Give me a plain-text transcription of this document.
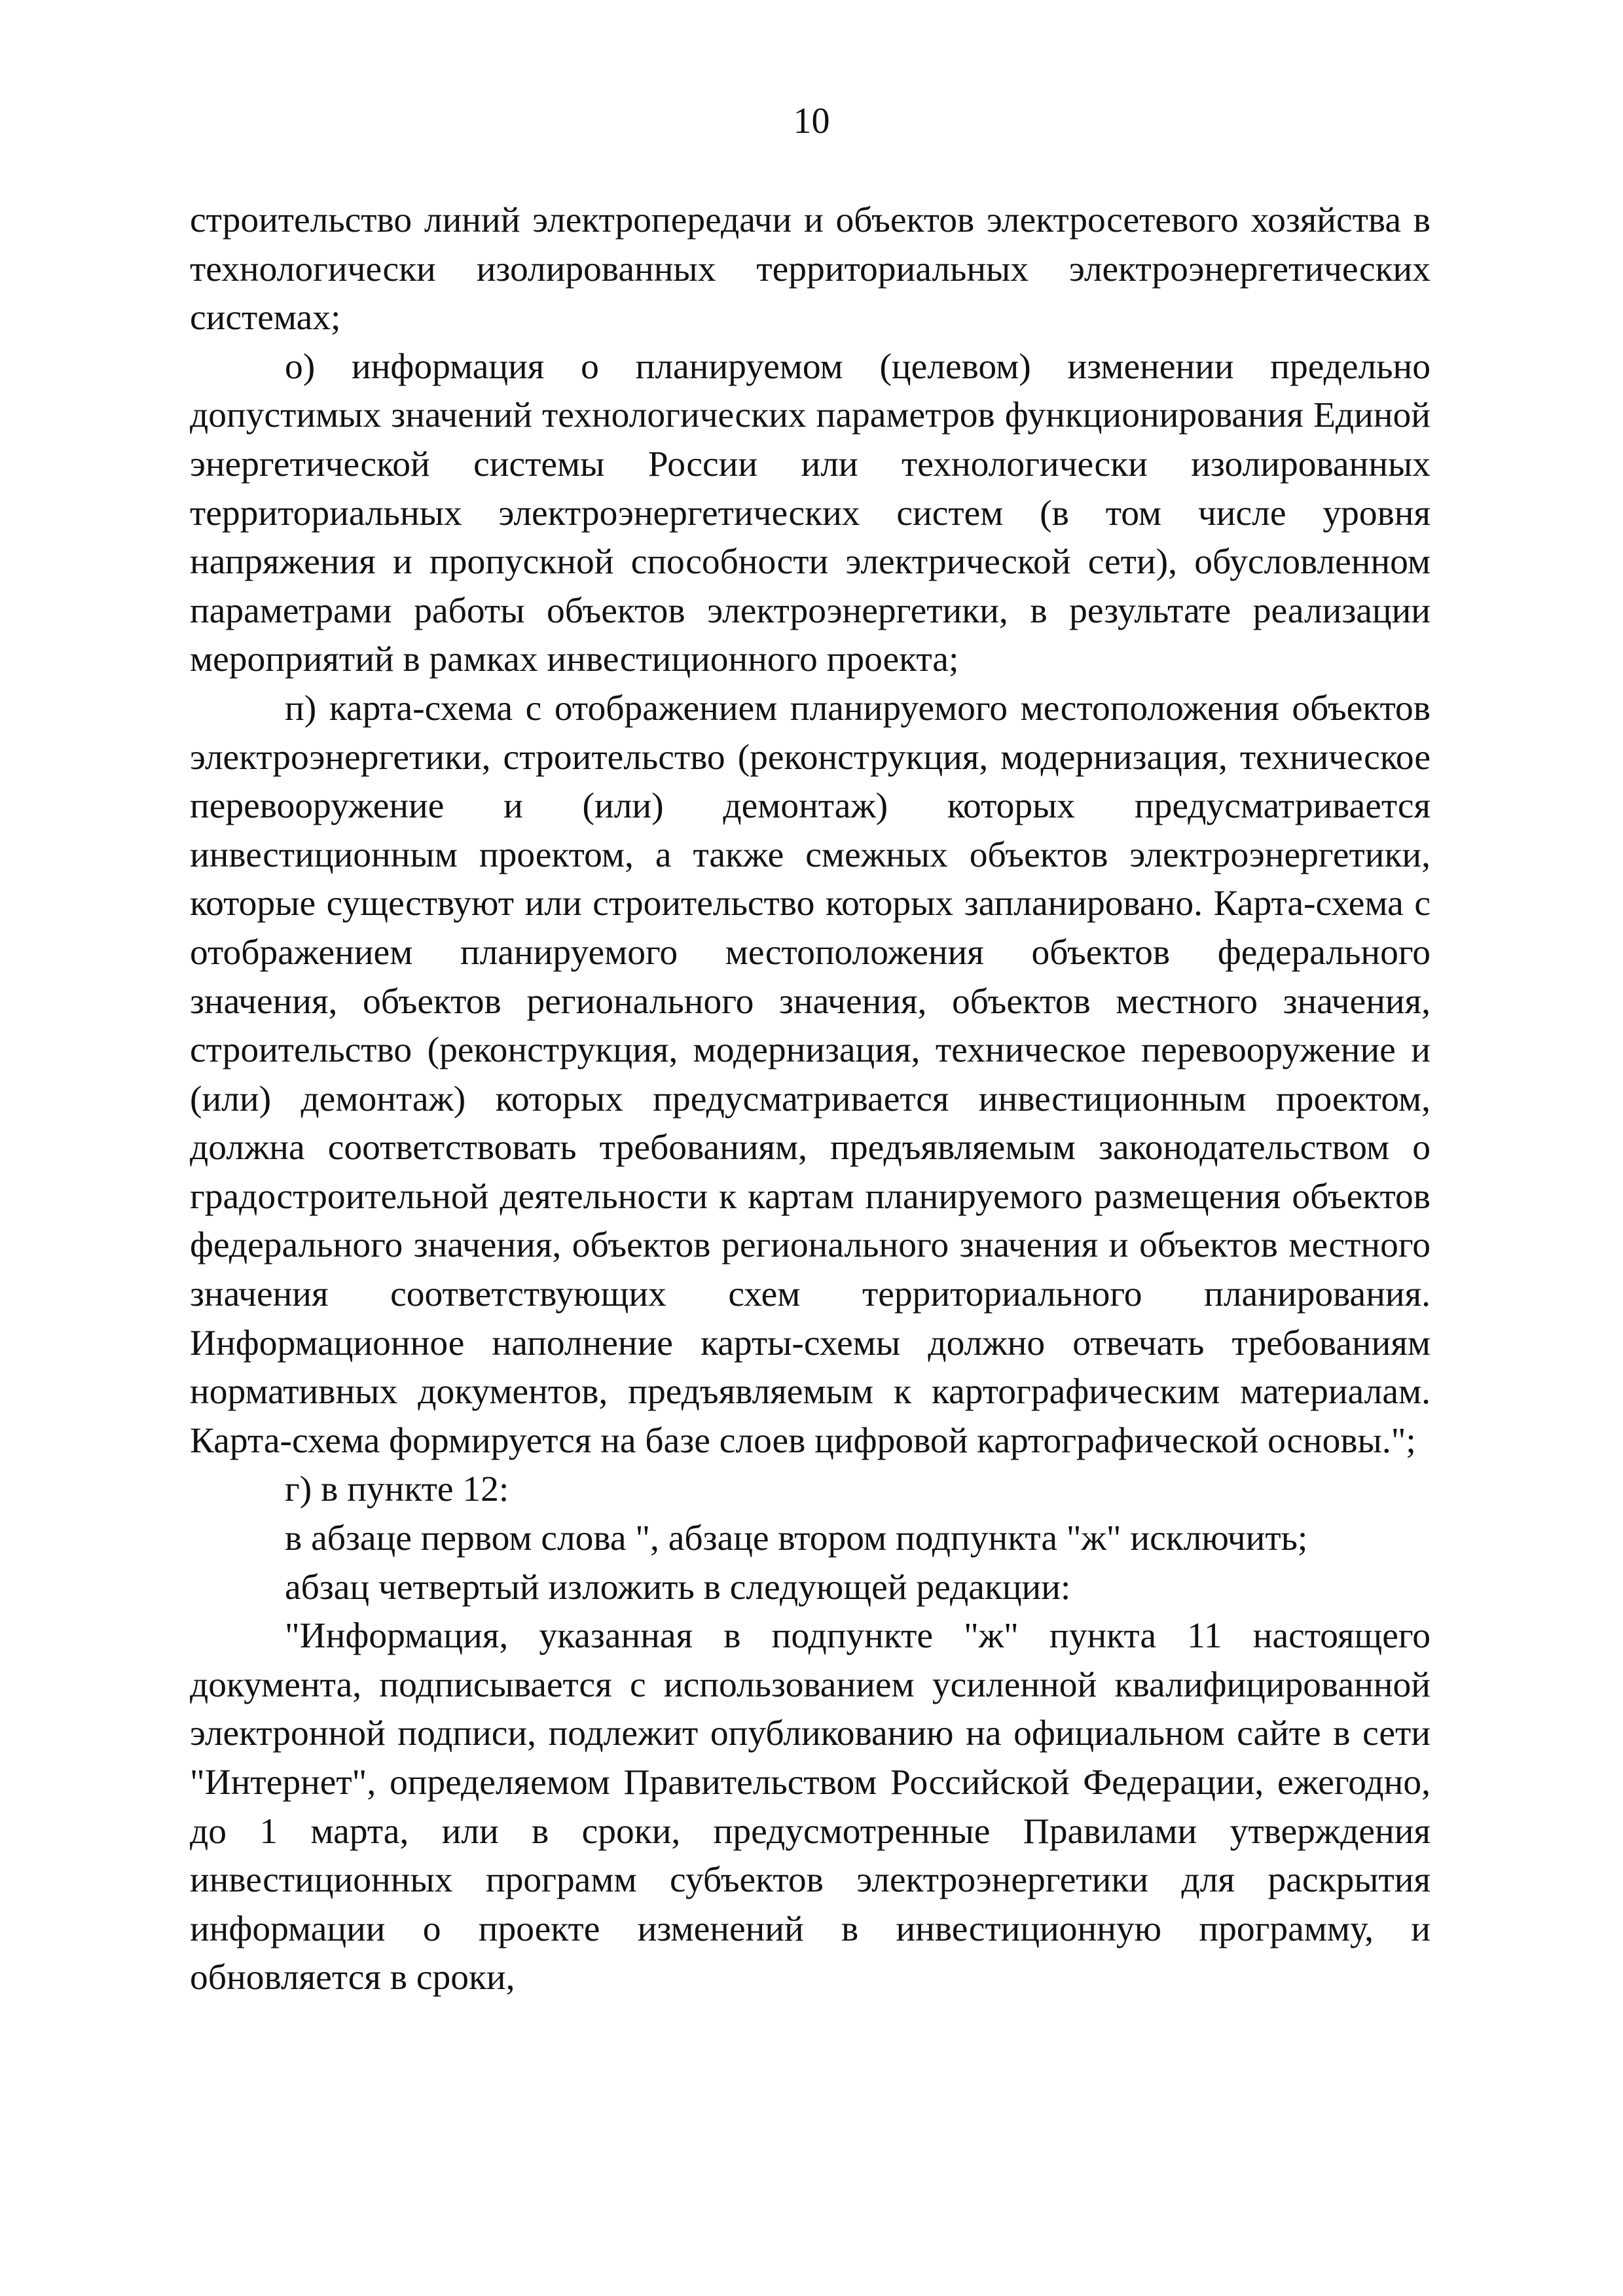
10

строительство линий электропередачи и объектов электросетевого хозяйства в технологически изолированных территориальных электроэнергетических системах;

о) информация о планируемом (целевом) изменении предельно допустимых значений технологических параметров функционирования Единой энергетической системы России или технологически изолированных территориальных электроэнергетических систем (в том числе уровня напряжения и пропускной способности электрической сети), обусловленном параметрами работы объектов электроэнергетики, в результате реализации мероприятий в рамках инвестиционного проекта;

п) карта-схема с отображением планируемого местоположения объектов электроэнергетики, строительство (реконструкция, модернизация, техническое перевооружение и (или) демонтаж) которых предусматривается инвестиционным проектом, а также смежных объектов электроэнергетики, которые существуют или строительство которых запланировано. Карта-схема с отображением планируемого местоположения объектов федерального значения, объектов регионального значения, объектов местного значения, строительство (реконструкция, модернизация, техническое перевооружение и (или) демонтаж) которых предусматривается инвестиционным проектом, должна соответствовать требованиям, предъявляемым законодательством о градостроительной деятельности к картам планируемого размещения объектов федерального значения, объектов регионального значения и объектов местного значения соответствующих схем территориального планирования. Информационное наполнение карты-схемы должно отвечать требованиям нормативных документов, предъявляемым к картографическим материалам. Карта-схема формируется на базе слоев цифровой картографической основы.";

г) в пункте 12:

в абзаце первом слова ", абзаце втором подпункта "ж" исключить;

абзац четвертый изложить в следующей редакции:

"Информация, указанная в подпункте "ж" пункта 11 настоящего документа, подписывается с использованием усиленной квалифицированной электронной подписи, подлежит опубликованию на официальном сайте в сети "Интернет", определяемом Правительством Российской Федерации, ежегодно, до 1 марта, или в сроки, предусмотренные Правилами утверждения инвестиционных программ субъектов электроэнергетики для раскрытия информации о проекте изменений в инвестиционную программу, и обновляется в сроки,
